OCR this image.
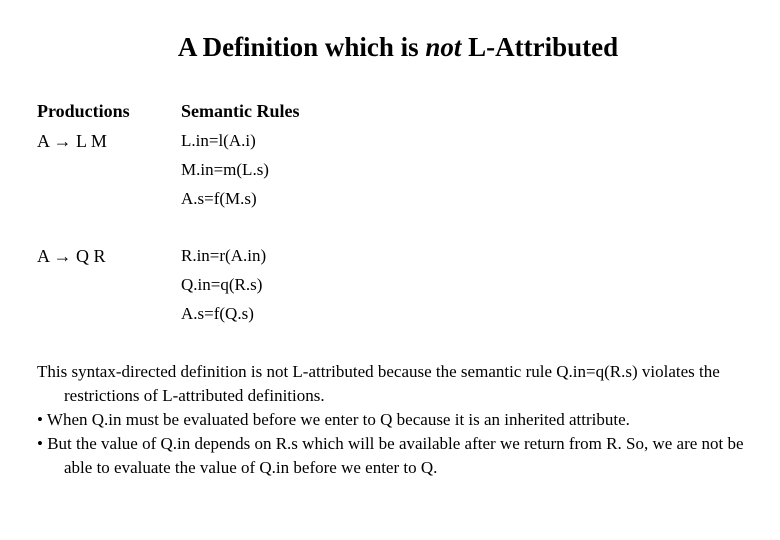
A Definition which is not L-Attributed
Productions	Semantic Rules
A → L M	L.in=l(A.i)
M.in=m(L.s)
A.s=f(M.s)
A → Q R	R.in=r(A.in)
Q.in=q(R.s)
A.s=f(Q.s)

This syntax-directed definition is not L-attributed because the semantic rule Q.in=q(R.s) violates the restrictions of L-attributed definitions.

• When Q.in must be evaluated before we enter to Q because it is an inherited attribute.

• But the value of Q.in depends on R.s which will be available after we return from R. So, we are not be able to evaluate the value of Q.in before we enter to Q.
